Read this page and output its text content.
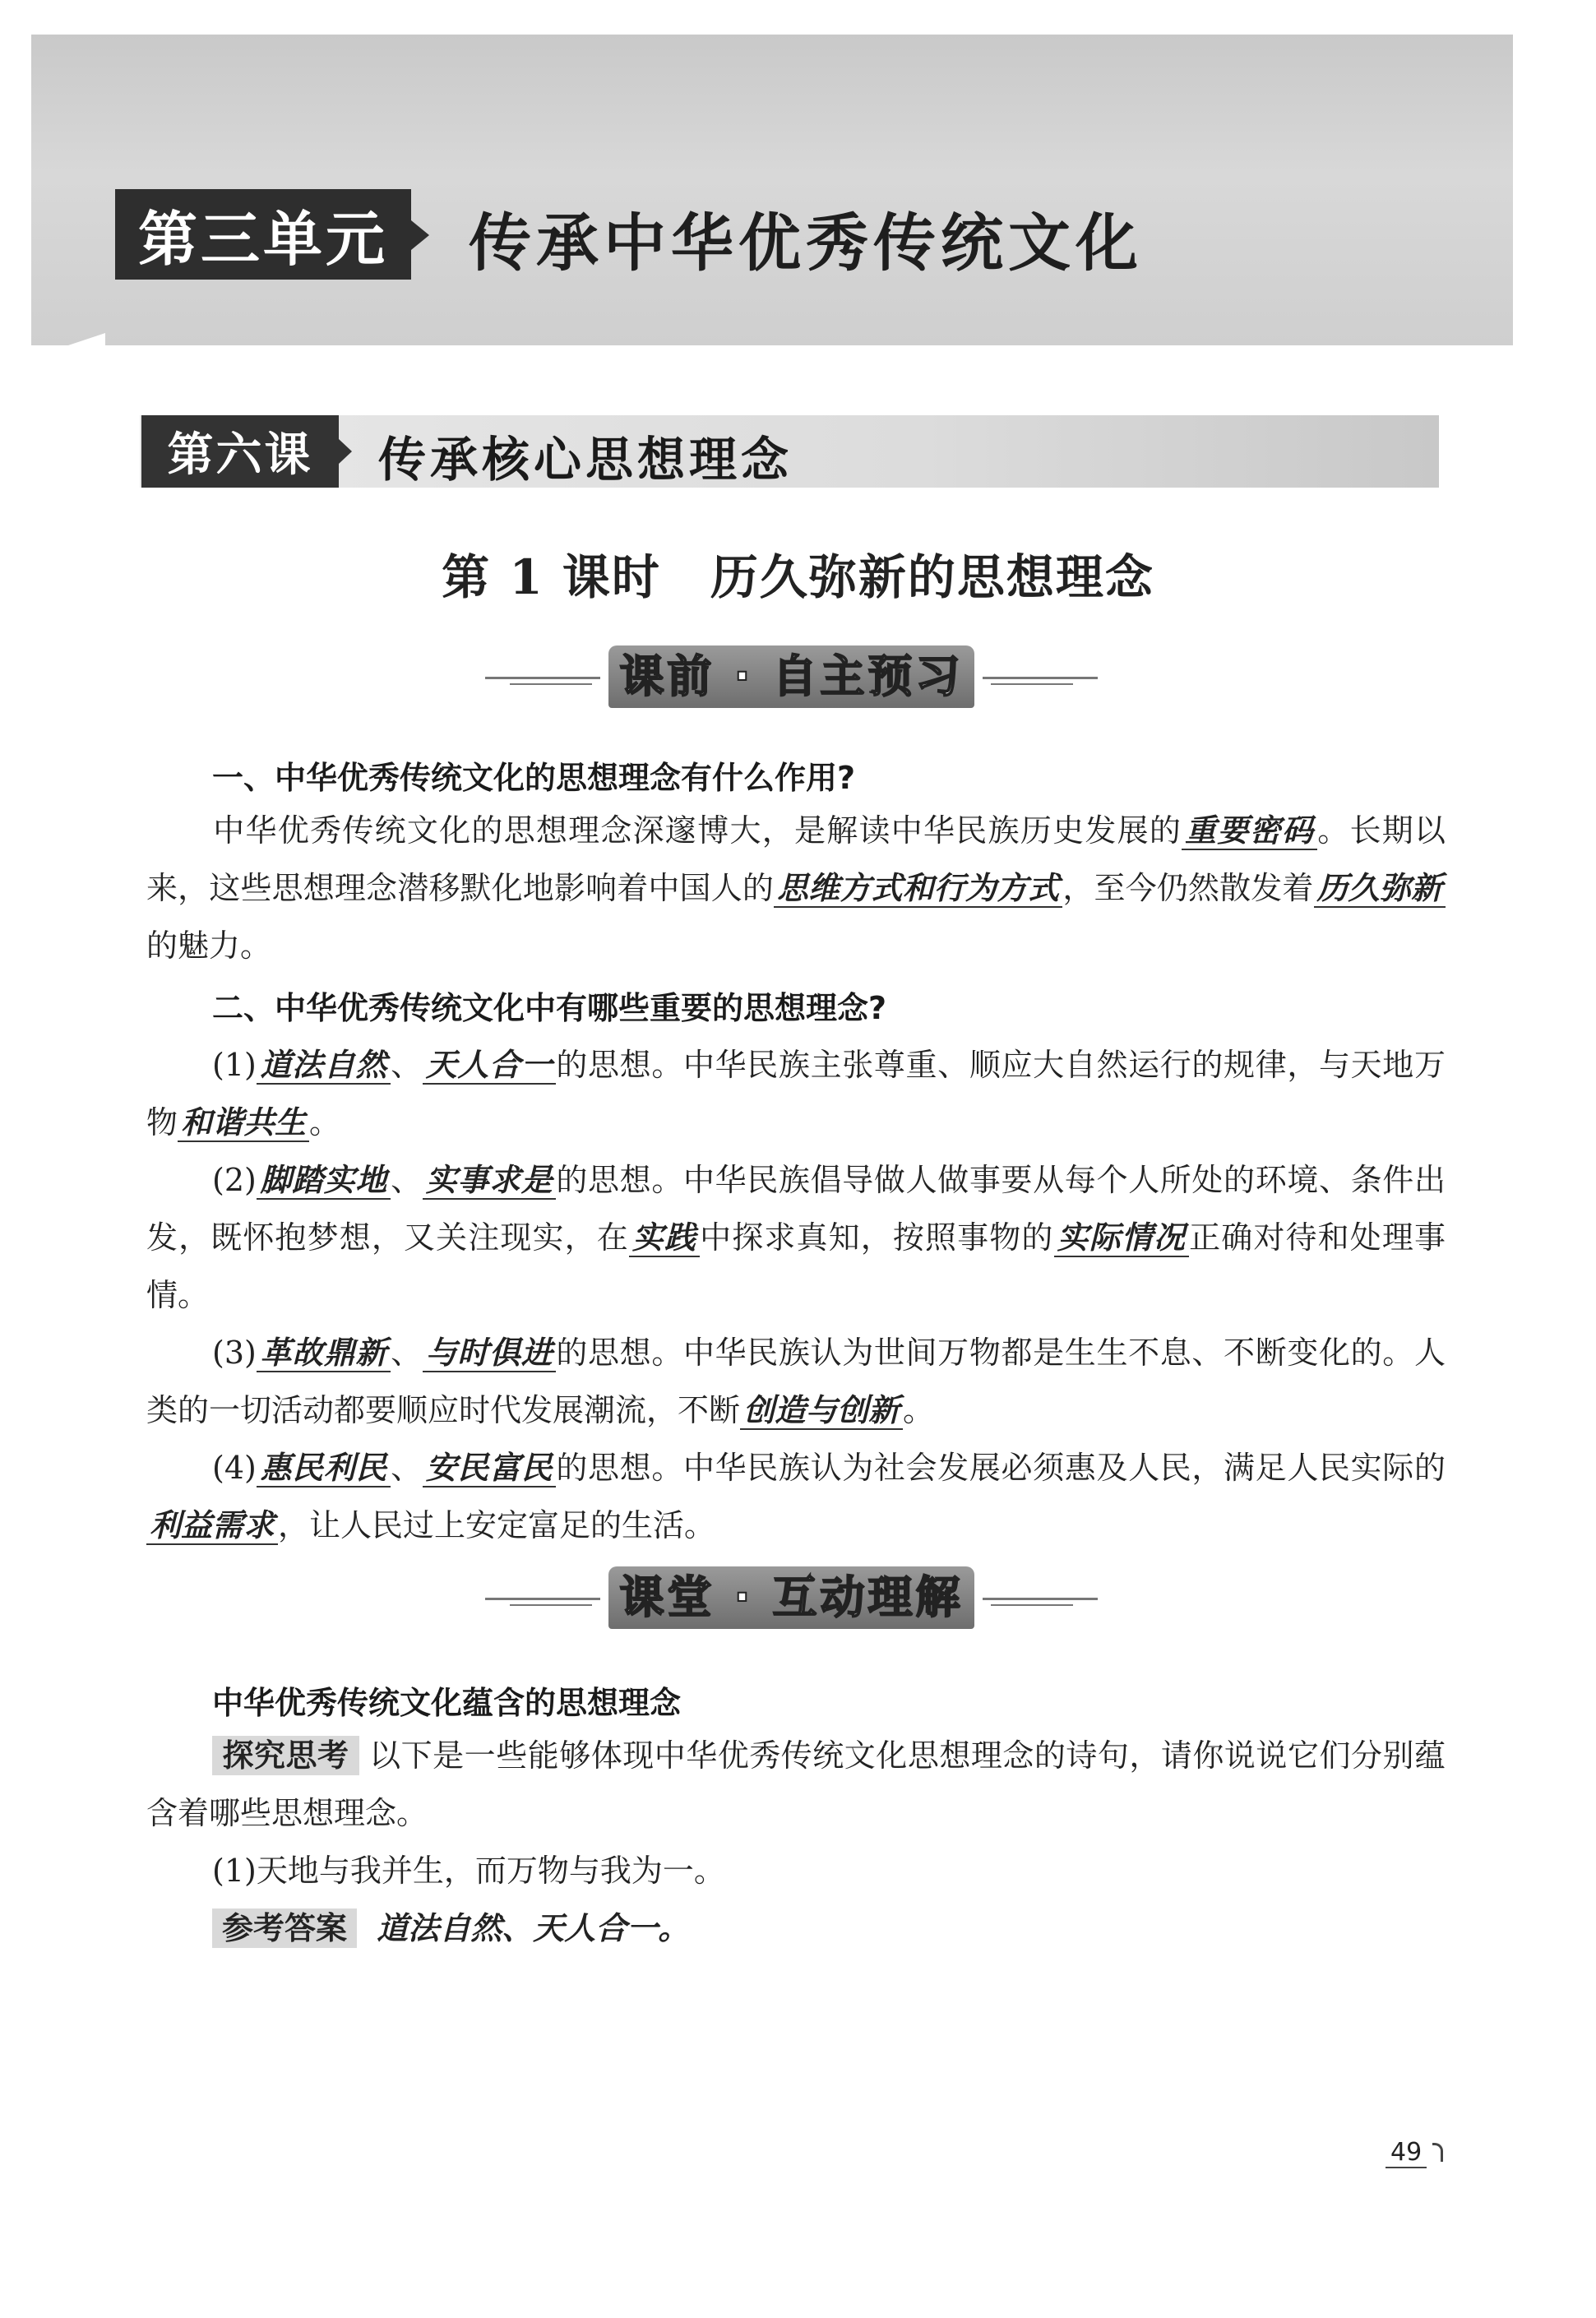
第三单元	传承中华优秀传统文化
第六课	传承核心思想理念
第 1 课时　历久弥新的思想理念
课前 · 自主预习
一、中华优秀传统文化的思想理念有什么作用?
中华优秀传统文化的思想理念深邃博大，是解读中华民族历史发展的 重要密码 。长期以来，这些思想理念潜移默化地影响着中国人的 思维方式和行为方式 ，至今仍然散发着 历久弥新的魅力。
二、中华优秀传统文化中有哪些重要的思想理念?
(1) 道法自然 、 天人合一 的思想。中华民族主张尊重、顺应大自然运行的规律，与天地万物 和谐共生 。
(2) 脚踏实地 、 实事求是 的思想。中华民族倡导做人做事要从每个人所处的环境、条件出发，既怀抱梦想，又关注现实，在 实践 中探求真知，按照事物的 实际情况 正确对待和处理事情。
(3) 革故鼎新 、 与时俱进 的思想。中华民族认为世间万物都是生生不息、不断变化的。人类的一切活动都要顺应时代发展潮流，不断 创造与创新 。
(4) 惠民利民 、 安民富民 的思想。中华民族认为社会发展必须惠及人民，满足人民实际的利益需求 ，让人民过上安定富足的生活。
课堂 · 互动理解
中华优秀传统文化蕴含的思想理念
探究思考 以下是一些能够体现中华优秀传统文化思想理念的诗句，请你说说它们分别蕴含着哪些思想理念。
(1)天地与我并生，而万物与我为一。
参考答案 道法自然、天人合一。
49
